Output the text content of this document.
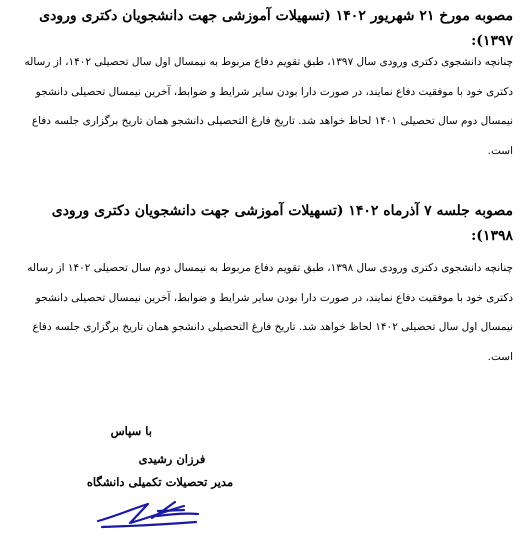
مصوبه مورخ ۲۱ شهریور ۱۴۰۲ (تسهیلات آموزشی جهت دانشجویان دکتری ورودی ۱۳۹۷):
چنانچه دانشجوی دکتری ورودی سال ۱۳۹۷، طبق تقویم دفاع مربوط به نیمسال اول سال تحصیلی ۱۴۰۲، از رساله دکتری خود با موفقیت دفاع نمایند، در صورت دارا بودن سایر شرایط و ضوابط، آخرین نیمسال تحصیلی دانشجو نیمسال دوم سال تحصیلی ۱۴۰۱ لحاظ خواهد شد. تاریخ فارغ التحصیلی دانشجو همان تاریخ برگزاری جلسه دفاع است.
مصوبه جلسه ۷ آذرماه ۱۴۰۲ (تسهیلات آموزشی جهت دانشجویان دکتری ورودی ۱۳۹۸):
چنانچه دانشجوی دکتری ورودی سال ۱۳۹۸، طبق تقویم دفاع مربوط به نیمسال دوم سال تحصیلی ۱۴۰۲ از رساله دکتری خود با موفقیت دفاع نمایند، در صورت دارا بودن سایر شرایط و ضوابط، آخرین نیمسال تحصیلی دانشجو نیمسال اول سال تحصیلی ۱۴۰۲ لحاظ خواهد شد. تاریخ فارغ التحصیلی دانشجو همان تاریخ برگزاری جلسه دفاع است.
با سپاس
فرزان رشیدی
مدیر تحصیلات تکمیلی دانشگاه
